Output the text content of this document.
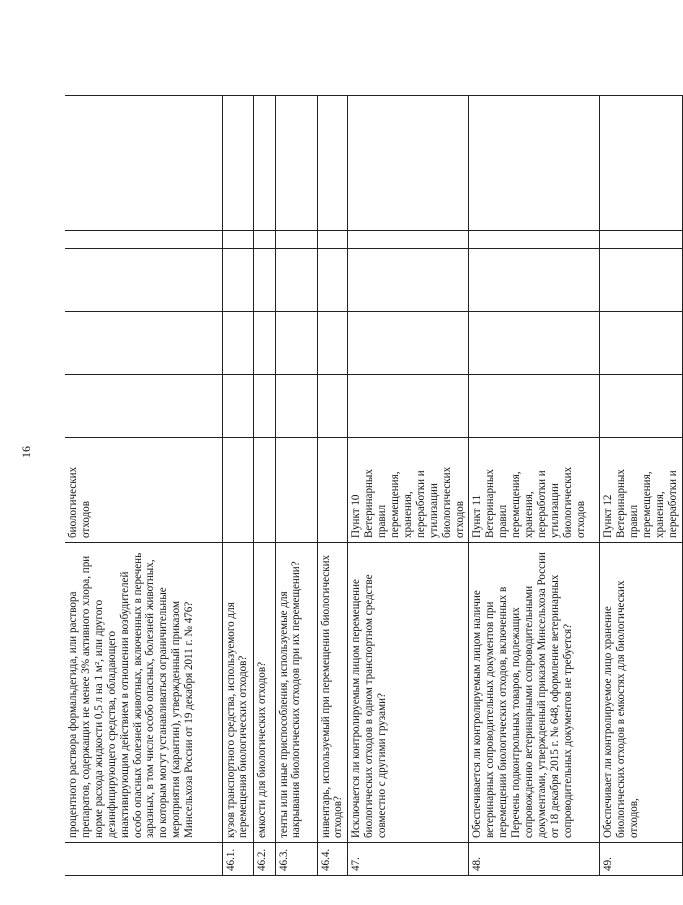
16
	процентного раствора формальдегида, или раствора препаратов, содержащих не менее 3% активного хлора, при норме расхода жидкости 0,5 л на 1 м², или другого дезинфицирующего средства, обладающего инактивирующим действием в отношении возбудителей особо опасных болезней животных, включенных в перечень заразных, в том числе особо опасных, болезней животных, по которым могут устанавливаться ограничительные мероприятия (карантин), утвержденный приказом Минсельхоза России от 19 декабря 2011 г. № 476?	биологических отходов					
46.1.	кузов транспортного средства, используемого для перемещения биологических отходов?						
46.2.	емкости для биологических отходов?						
46.3.	тенты или иные приспособления, используемые для накрывания биологических отходов при их перемещении?						
46.4.	инвентарь, используемый при перемещении биологических отходов?						
47.	Исключается ли контролируемым лицом перемещение биологических отходов в одном транспортном средстве совместно с другими грузами?	Пункт 10 Ветеринарных правил перемещения, хранения, переработки и утилизации биологических отходов					
48.	Обеспечивается ли контролируемым лицом наличие ветеринарных сопроводительных документов при перемещении биологических отходов, включенных в Перечень подконтрольных товаров, подлежащих сопровождению ветеринарными сопроводительными документами, утвержденный приказом Минсельхоза России от 18 декабря 2015 г. № 648, оформление ветеринарных сопроводительных документов не требуется?	Пункт 11 Ветеринарных правил перемещения, хранения, переработки и утилизации биологических отходов					
49.	Обеспечивает ли контролируемое лицо хранение биологических отходов в емкостях для биологических отходов,	Пункт 12 Ветеринарных правил перемещения, хранения, переработки и					
